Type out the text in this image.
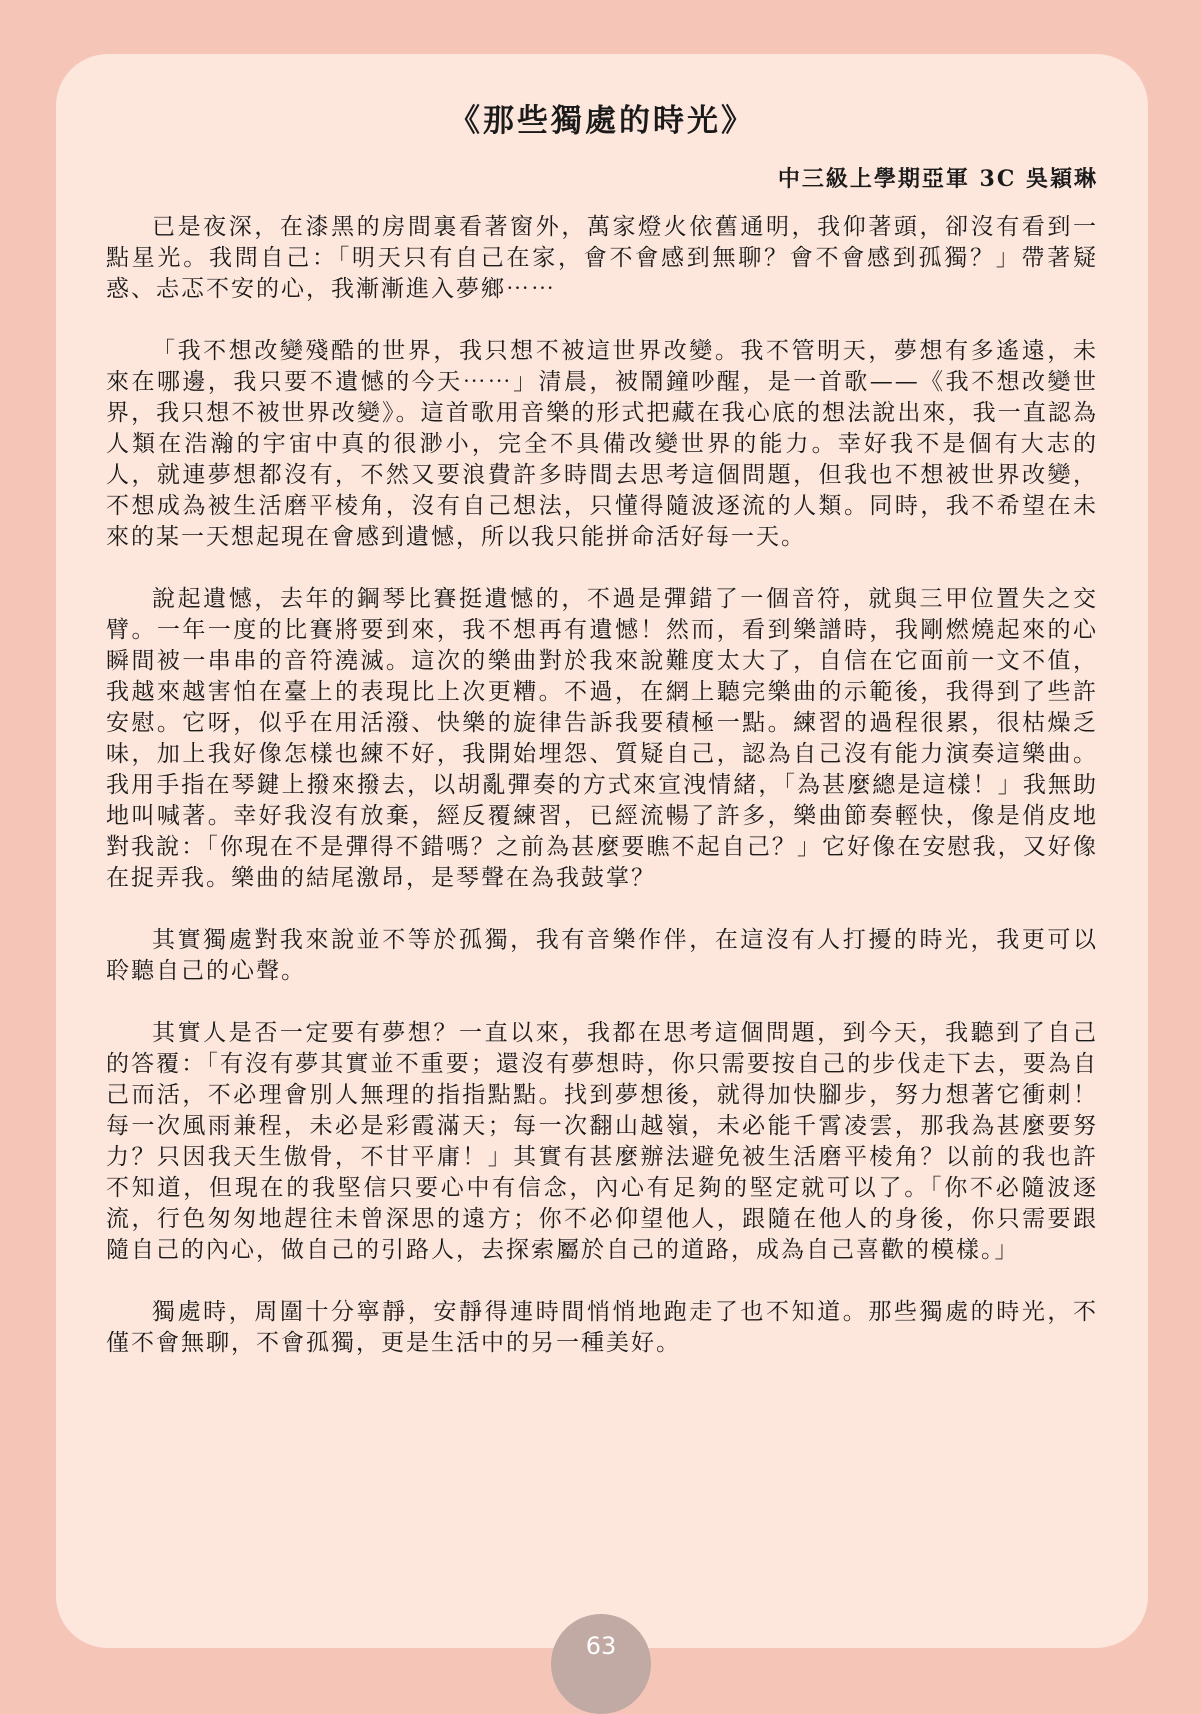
《那些獨處的時光》
中三級上學期亞軍 3C 吳穎琳

已是夜深，在漆黑的房間裏看著窗外，萬家燈火依舊通明，我仰著頭，卻沒有看到一點星光。我問自己：「明天只有自己在家，會不會感到無聊？會不會感到孤獨？」帶著疑惑、忐忑不安的心，我漸漸進入夢鄉⋯⋯

「我不想改變殘酷的世界，我只想不被這世界改變。我不管明天，夢想有多遙遠，未來在哪邊，我只要不遺憾的今天⋯⋯」清晨，被鬧鐘吵醒，是一首歌——《我不想改變世界，我只想不被世界改變》。這首歌用音樂的形式把藏在我心底的想法說出來，我一直認為人類在浩瀚的宇宙中真的很渺小，完全不具備改變世界的能力。幸好我不是個有大志的人，就連夢想都沒有，不然又要浪費許多時間去思考這個問題，但我也不想被世界改變，不想成為被生活磨平棱角，沒有自己想法，只懂得隨波逐流的人類。同時，我不希望在未來的某一天想起現在會感到遺憾，所以我只能拼命活好每一天。

說起遺憾，去年的鋼琴比賽挺遺憾的，不過是彈錯了一個音符，就與三甲位置失之交臂。一年一度的比賽將要到來，我不想再有遺憾！然而，看到樂譜時，我剛燃燒起來的心瞬間被一串串的音符澆滅。這次的樂曲對於我來說難度太大了，自信在它面前一文不值，我越來越害怕在臺上的表現比上次更糟。不過，在網上聽完樂曲的示範後，我得到了些許安慰。它呀，似乎在用活潑、快樂的旋律告訴我要積極一點。練習的過程很累，很枯燥乏味，加上我好像怎樣也練不好，我開始埋怨、質疑自己，認為自己沒有能力演奏這樂曲。我用手指在琴鍵上撥來撥去，以胡亂彈奏的方式來宣洩情緒，「為甚麼總是這樣！」我無助地叫喊著。幸好我沒有放棄，經反覆練習，已經流暢了許多，樂曲節奏輕快，像是俏皮地對我說：「你現在不是彈得不錯嗎？之前為甚麼要瞧不起自己？」它好像在安慰我，又好像在捉弄我。樂曲的結尾激昂，是琴聲在為我鼓掌？

其實獨處對我來說並不等於孤獨，我有音樂作伴，在這沒有人打擾的時光，我更可以聆聽自己的心聲。

其實人是否一定要有夢想？一直以來，我都在思考這個問題，到今天，我聽到了自己的答覆：「有沒有夢其實並不重要；還沒有夢想時，你只需要按自己的步伐走下去，要為自己而活，不必理會別人無理的指指點點。找到夢想後，就得加快腳步，努力想著它衝刺！每一次風雨兼程，未必是彩霞滿天；每一次翻山越嶺，未必能千霄凌雲，那我為甚麼要努力？只因我天生傲骨，不甘平庸！」其實有甚麼辦法避免被生活磨平棱角？以前的我也許不知道，但現在的我堅信只要心中有信念，內心有足夠的堅定就可以了。「你不必隨波逐流，行色匆匆地趕往未曾深思的遠方；你不必仰望他人，跟隨在他人的身後，你只需要跟隨自己的內心，做自己的引路人，去探索屬於自己的道路，成為自己喜歡的模樣。」

獨處時，周圍十分寧靜，安靜得連時間悄悄地跑走了也不知道。那些獨處的時光，不僅不會無聊，不會孤獨，更是生活中的另一種美好。

63
